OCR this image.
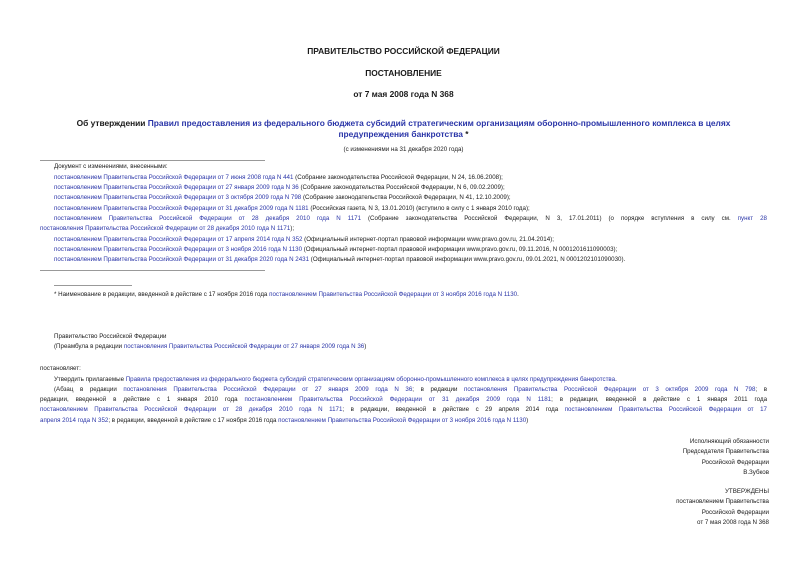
ПРАВИТЕЛЬСТВО РОССИЙСКОЙ ФЕДЕРАЦИИ
ПОСТАНОВЛЕНИЕ
от 7 мая 2008 года N 368
Об утверждении Правил предоставления из федерального бюджета субсидий стратегическим организациям оборонно-промышленного комплекса в целях
предупреждения банкротства *
(с изменениями на 31 декабря 2020 года)
Документ с изменениями, внесенными:
постановлением Правительства Российской Федерации от 7 июня 2008 года N 441 (Собрание законодательства Российской Федерации, N 24, 16.06.2008);
постановлением Правительства Российской Федерации от 27 января 2009 года N 36 (Собрание законодательства Российской Федерации, N 6, 09.02.2009);
постановлением Правительства Российской Федерации от 3 октября 2009 года N 798 (Собрание законодательства Российской Федерации, N 41, 12.10.2009);
постановлением Правительства Российской Федерации от 31 декабря 2009 года N 1181 (Российская газета, N 3, 13.01.2010) (вступило в силу с 1 января 2010 года);
постановлением Правительства Российской Федерации от 28 декабря 2010 года N 1171 (Собрание законодательства Российской Федерации, N 3, 17.01.2011) (о порядке вступления в силу см. пункт 28
постановления Правительства Российской Федерации от 28 декабря 2010 года N 1171);
постановлением Правительства Российской Федерации от 17 апреля 2014 года N 352 (Официальный интернет-портал правовой информации www.pravo.gov.ru, 21.04.2014);
постановлением Правительства Российской Федерации от 3 ноября 2016 года N 1130 (Официальный интернет-портал правовой информации www.pravo.gov.ru, 09.11.2016, N 0001201611090003);
постановлением Правительства Российской Федерации от 31 декабря 2020 года N 2431 (Официальный интернет-портал правовой информации www.pravo.gov.ru, 09.01.2021, N 0001202101090030).
* Наименование в редакции, введенной в действие с 17 ноября 2016 года постановлением Правительства Российской Федерации от 3 ноября 2016 года N 1130.
Правительство Российской Федерации
(Преамбула в редакции постановления Правительства Российской Федерации от 27 января 2009 года N 36)
постановляет:
Утвердить прилагаемые Правила предоставления из федерального бюджета субсидий стратегическим организациям оборонно-промышленного комплекса в целях предупреждения банкротства.
(Абзац в редакции постановления Правительства Российской Федерации от 27 января 2009 года N 36; в редакции постановления Правительства Российской Федерации от 3 октября 2009 года N 798; в
редакции, введенной в действие с 1 января 2010 года постановлением Правительства Российской Федерации от 31 декабря 2009 года N 1181; в редакции, введенной в действие с 1 января 2011 года
постановлением Правительства Российской Федерации от 28 декабря 2010 года N 1171; в редакции, введенной в действие с 29 апреля 2014 года постановлением Правительства Российской Федерации от 17
апреля 2014 года N 352; в редакции, введенной в действие с 17 ноября 2016 года постановлением Правительства Российской Федерации от 3 ноября 2016 года N 1130)
Исполняющий обязанности
Председателя Правительства
Российской Федерации
В.Зубков
УТВЕРЖДЕНЫ
постановлением Правительства
Российской Федерации
от 7 мая 2008 года N 368
